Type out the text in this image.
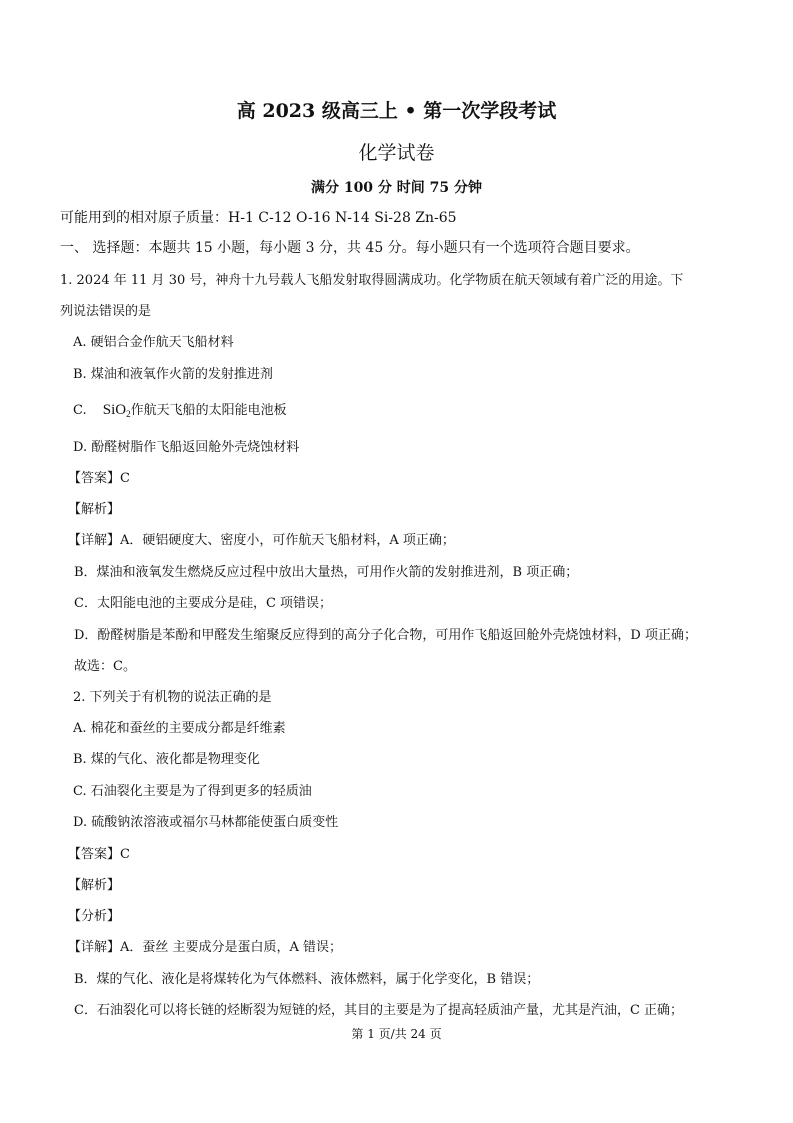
高 2023 级高三上 • 第一次学段考试
化学试卷
满分 100 分 时间 75 分钟
可能用到的相对原子质量：H-1 C-12 O-16 N-14 Si-28 Zn-65
一、 选择题：本题共 15 小题，每小题 3 分，共 45 分。每小题只有一个选项符合题目要求。
1. 2024 年 11 月 30 号，神舟十九号载人飞船发射取得圆满成功。化学物质在航天领域有着广泛的用途。下
列说法错误的是
A. 硬铝合金作航天飞船材料
B. 煤油和液氧作火箭的发射推进剂
C. SiO$_2$作航天飞船的太阳能电池板
D. 酚醛树脂作飞船返回舱外壳烧蚀材料
【答案】C
【解析】
【详解】A．硬铝硬度大、密度小，可作航天飞船材料，A 项正确；
B．煤油和液氧发生燃烧反应过程中放出大量热，可用作火箭的发射推进剂，B 项正确；
C．太阳能电池的主要成分是硅，C 项错误；
D．酚醛树脂是苯酚和甲醛发生缩聚反应得到的高分子化合物，可用作飞船返回舱外壳烧蚀材料，D 项正确；
故选：C。
2. 下列关于有机物的说法正确的是
A. 棉花和蚕丝的主要成分都是纤维素
B. 煤的气化、液化都是物理变化
C. 石油裂化主要是为了得到更多的轻质油
D. 硫酸钠浓溶液或福尔马林都能使蛋白质变性
【答案】C
【解析】
【分析】
【详解】A．蚕丝 主要成分是蛋白质，A 错误；
B．煤的气化、液化是将煤转化为气体燃料、液体燃料，属于化学变化，B 错误；
C．石油裂化可以将长链的烃断裂为短链的烃，其目的主要是为了提高轻质油产量，尤其是汽油，C 正确；
第 1 页/共 24 页
